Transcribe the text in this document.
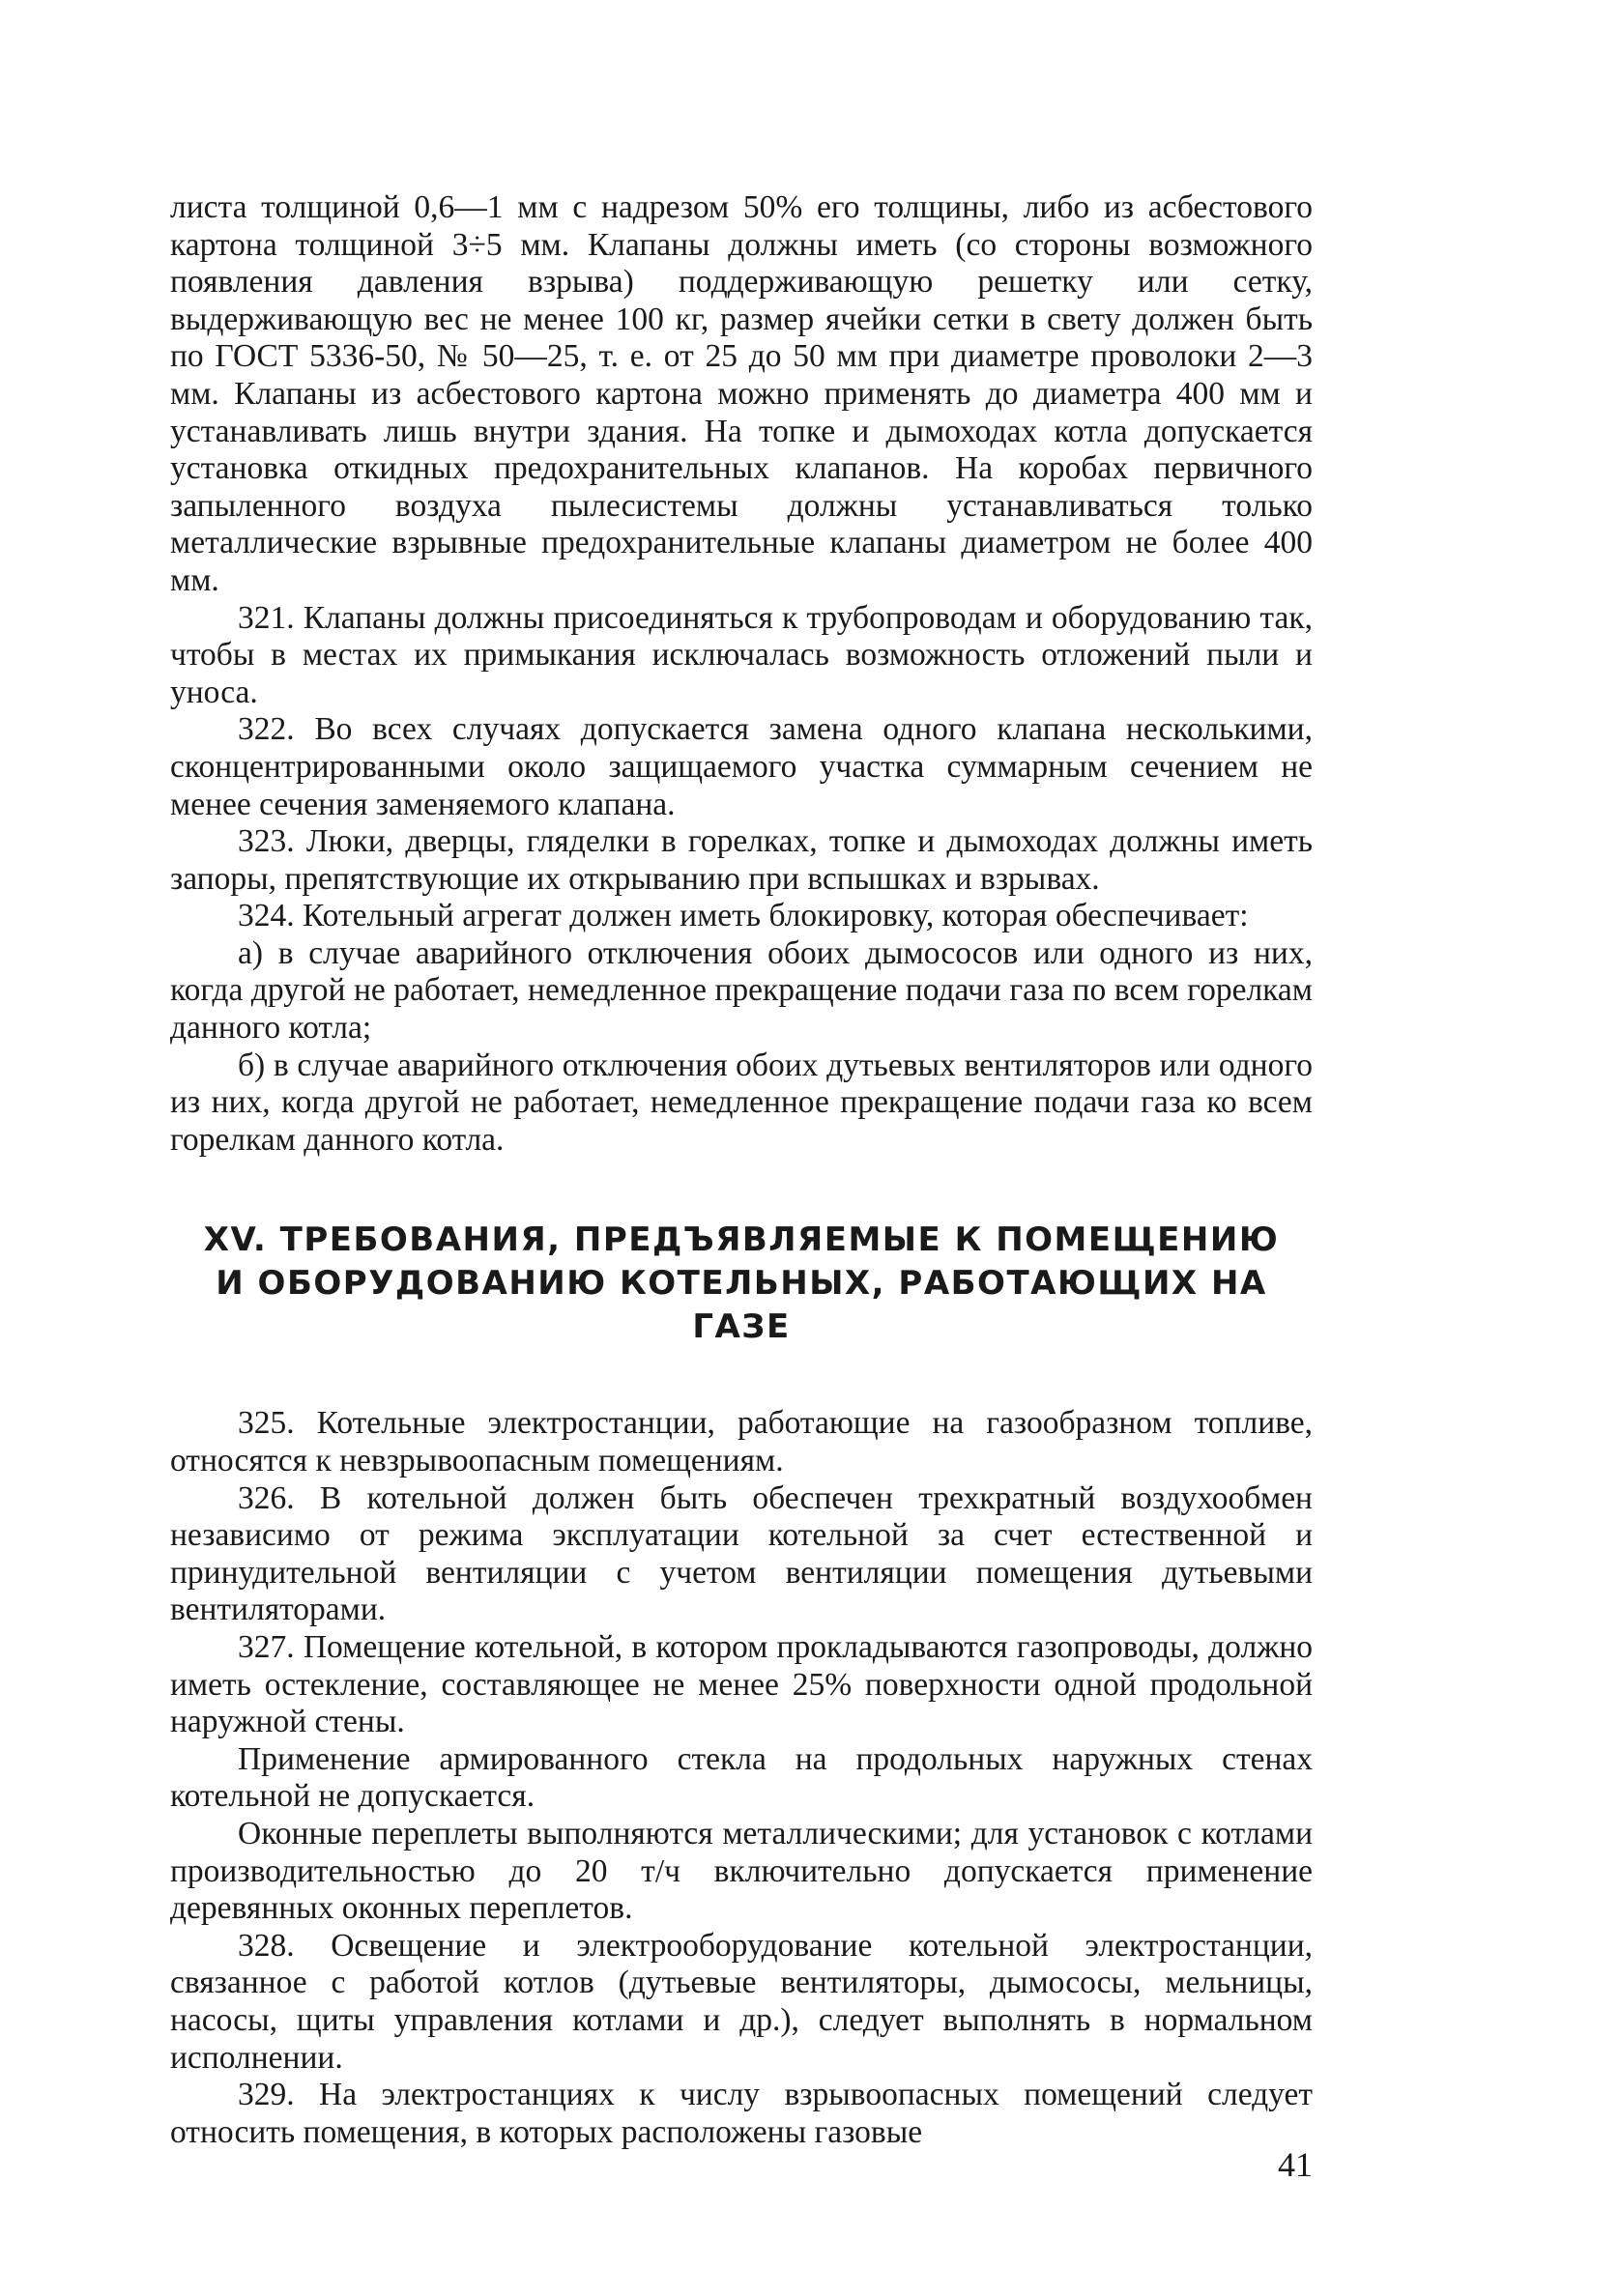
листа толщиной 0,6—1 мм с надрезом 50% его толщины, либо из асбестового картона толщиной 3÷5 мм. Клапаны должны иметь (со стороны возможного появления давления взрыва) поддерживающую решетку или сетку, выдерживающую вес не менее 100 кг, размер ячейки сетки в свету должен быть по ГОСТ 5336-50, № 50—25, т. е. от 25 до 50 мм при диаметре проволоки 2—3 мм. Клапаны из асбестового картона можно применять до диаметра 400 мм и устанавливать лишь внутри здания. На топке и дымоходах котла допускается установка откидных предохранительных клапанов. На коробах первичного запыленного воздуха пылесистемы должны устанавливаться только металлические взрывные предохранительные клапаны диаметром не более 400 мм.

321. Клапаны должны присоединяться к трубопроводам и оборудованию так, чтобы в местах их примыкания исключалась возможность отложений пыли и уноса.

322. Во всех случаях допускается замена одного клапана несколькими, сконцентрированными около защищаемого участка суммарным сечением не менее сечения заменяемого клапана.

323. Люки, дверцы, гляделки в горелках, топке и дымоходах должны иметь запоры, препятствующие их открыванию при вспышках и взрывах.

324. Котельный агрегат должен иметь блокировку, которая обеспечивает:

а) в случае аварийного отключения обоих дымососов или одного из них, когда другой не работает, немедленное прекращение подачи газа по всем горелкам данного котла;

б) в случае аварийного отключения обоих дутьевых вентиляторов или одного из них, когда другой не работает, немедленное прекращение подачи газа ко всем горелкам данного котла.

XV. ТРЕБОВАНИЯ, ПРЕДЪЯВЛЯЕМЫЕ К ПОМЕЩЕНИЮ
И ОБОРУДОВАНИЮ КОТЕЛЬНЫХ, РАБОТАЮЩИХ НА ГАЗЕ

325. Котельные электростанции, работающие на газообразном топливе, относятся к невзрывоопасным помещениям.

326. В котельной должен быть обеспечен трехкратный воздухообмен независимо от режима эксплуатации котельной за счет естественной и принудительной вентиляции с учетом вентиляции помещения дутьевыми вентиляторами.

327. Помещение котельной, в котором прокладываются газопроводы, должно иметь остекление, составляющее не менее 25% поверхности одной продольной наружной стены.

Применение армированного стекла на продольных наружных стенах котельной не допускается.

Оконные переплеты выполняются металлическими; для установок с котлами производительностью до 20 т/ч включительно допускается применение деревянных оконных переплетов.

328. Освещение и электрооборудование котельной электростанции, связанное с работой котлов (дутьевые вентиляторы, дымососы, мельницы, насосы, щиты управления котлами и др.), следует выполнять в нормальном исполнении.

329. На электростанциях к числу взрывоопасных помещений следует относить помещения, в которых расположены газовые

41
